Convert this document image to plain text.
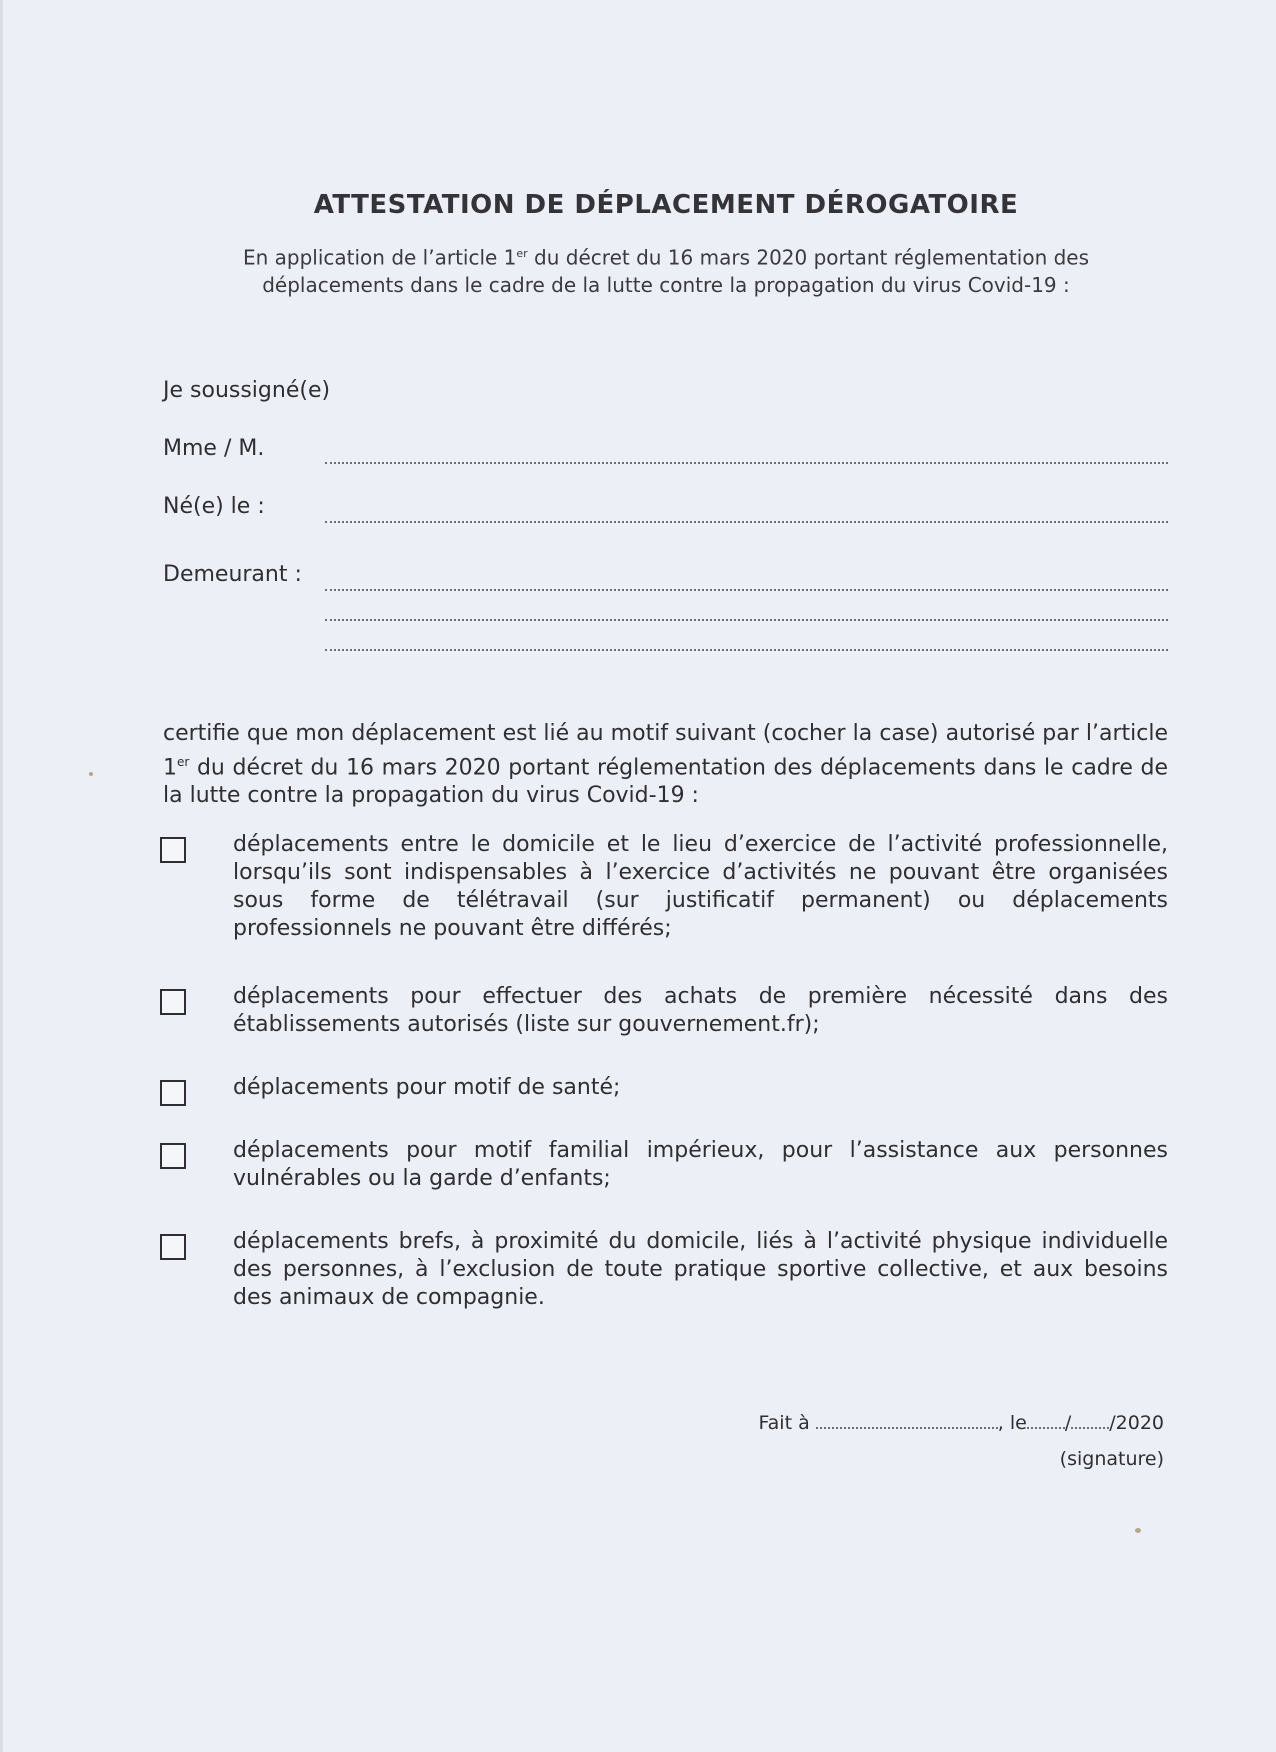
ATTESTATION DE DÉPLACEMENT DÉROGATOIRE
En application de l’article 1er du décret du 16 mars 2020 portant réglementation des déplacements dans le cadre de la lutte contre la propagation du virus Covid-19 :
Je soussigné(e)
Mme / M.
Né(e) le :
Demeurant :
certifie que mon déplacement est lié au motif suivant (cocher la case) autorisé par l’article 1er du décret du 16 mars 2020 portant réglementation des déplacements dans le cadre de la lutte contre la propagation du virus Covid-19 :
déplacements entre le domicile et le lieu d’exercice de l’activité professionnelle, lorsqu’ils sont indispensables à l’exercice d’activités ne pouvant être organisées sous forme de télétravail (sur justificatif permanent) ou déplacements professionnels ne pouvant être différés;
déplacements pour effectuer des achats de première nécessité dans des établissements autorisés (liste sur gouvernement.fr);
déplacements pour motif de santé;
déplacements pour motif familial impérieux, pour l’assistance aux personnes vulnérables ou la garde d’enfants;
déplacements brefs, à proximité du domicile, liés à l’activité physique individuelle des personnes, à l’exclusion de toute pratique sportive collective, et aux besoins des animaux de compagnie.
Fait à	, le / /2020
(signature)
